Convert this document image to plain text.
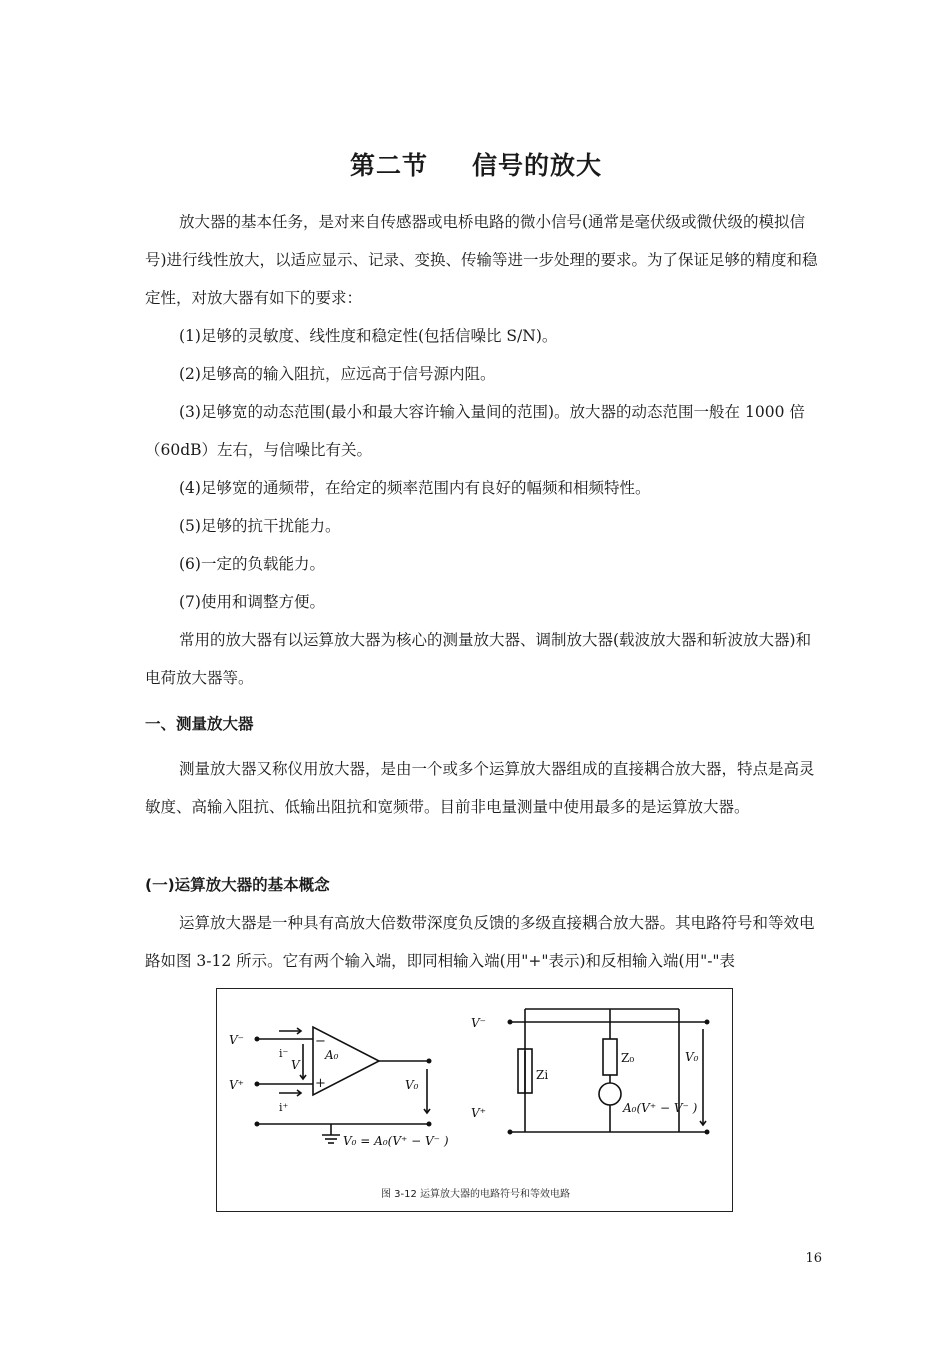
第二节 信号的放大

放大器的基本任务，是对来自传感器或电桥电路的微小信号(通常是毫伏级或微伏级的模拟信号)进行线性放大，以适应显示、记录、变换、传输等进一步处理的要求。为了保证足够的精度和稳定性，对放大器有如下的要求：

(1)足够的灵敏度、线性度和稳定性(包括信噪比 S/N)。

(2)足够高的输入阻抗，应远高于信号源内阻。

(3)足够宽的动态范围(最小和最大容许输入量间的范围)。放大器的动态范围一般在 1000 倍（60dB）左右，与信噪比有关。

(4)足够宽的通频带，在给定的频率范围内有良好的幅频和相频特性。

(5)足够的抗干扰能力。

(6)一定的负载能力。

(7)使用和调整方便。

常用的放大器有以运算放大器为核心的测量放大器、调制放大器(载波放大器和斩波放大器)和电荷放大器等。

一、测量放大器

测量放大器又称仪用放大器，是由一个或多个运算放大器组成的直接耦合放大器，特点是高灵敏度、高输入阻抗、低输出阻抗和宽频带。目前非电量测量中使用最多的是运算放大器。

(一)运算放大器的基本概念

运算放大器是一种具有高放大倍数带深度负反馈的多级直接耦合放大器。其电路符号和等效电路如图 3-12 所示。它有两个输入端，即同相输入端(用"+"表示)和反相输入端(用"-"表

V⁻
V⁺
i⁻
i⁺
V
A₀
−
+	V₀
V₀ = A₀(V⁺ − V⁻ )
V⁻
V⁺
Zi
Z₀
A₀(V⁺ − V⁻ )
V₀
图 3-12 运算放大器的电路符号和等效电路
16
